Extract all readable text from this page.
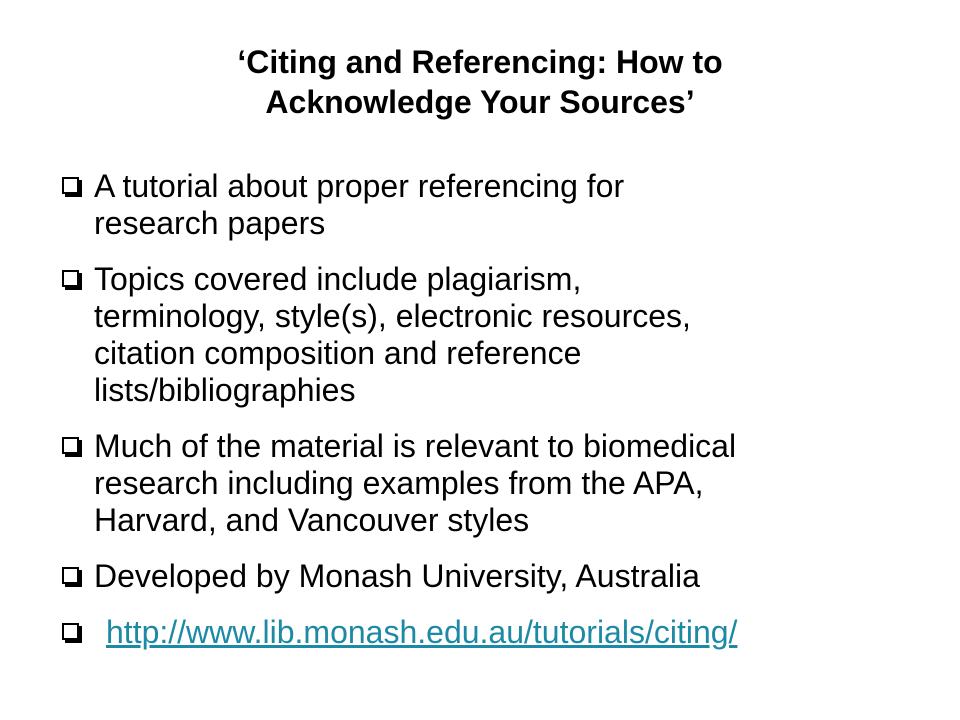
‘Citing and Referencing: How to
Acknowledge Your Sources’
A tutorial about proper referencing for
research papers
Topics covered include plagiarism,
terminology, style(s), electronic resources,
citation composition and reference
lists/bibliographies
Much of the material is relevant to biomedical
research including examples from the APA,
Harvard, and Vancouver styles
Developed by Monash University, Australia
http://www.lib.monash.edu.au/tutorials/citing/
